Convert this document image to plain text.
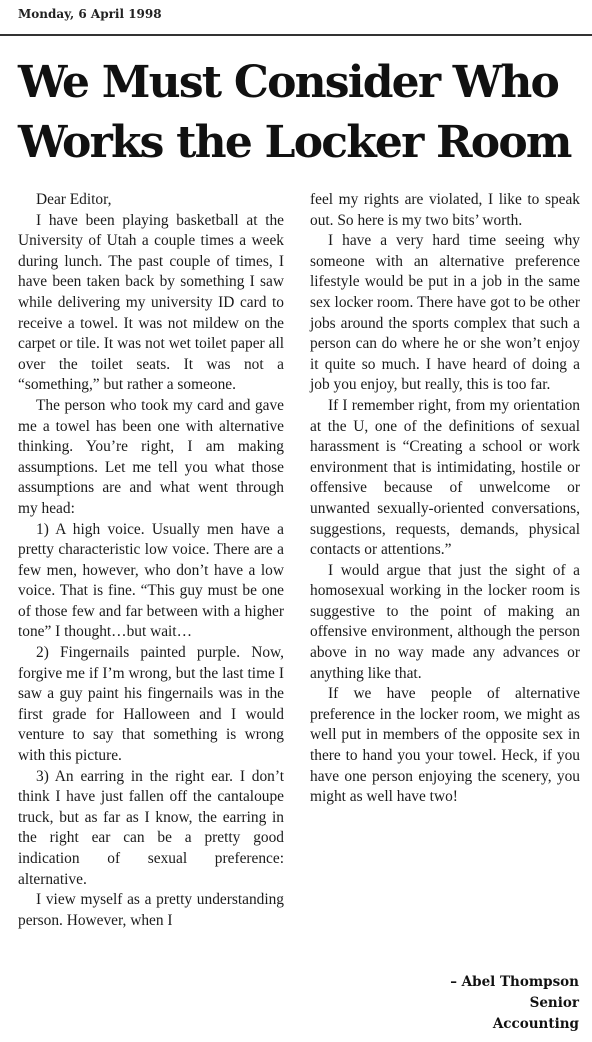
Monday, 6 April 1998
We Must Consider Who Works the Locker Room

Dear Editor,

I have been playing basketball at the University of Utah a couple times a week during lunch. The past couple of times, I have been taken back by something I saw while delivering my university ID card to receive a towel. It was not mildew on the carpet or tile. It was not wet toilet paper all over the toilet seats. It was not a “something,” but rather a someone.

The person who took my card and gave me a towel has been one with alternative thinking. You’re right, I am making assumptions. Let me tell you what those assumptions are and what went through my head:

1) A high voice. Usually men have a pretty characteristic low voice. There are a few men, however, who don’t have a low voice. That is fine. “This guy must be one of those few and far between with a higher tone” I thought…but wait…

2) Fingernails painted purple. Now, forgive me if I’m wrong, but the last time I saw a guy paint his fingernails was in the first grade for Halloween and I would venture to say that something is wrong with this picture.

3) An earring in the right ear. I don’t think I have just fallen off the cantaloupe truck, but as far as I know, the earring in the right ear can be a pretty good indication of sexual preference: alternative.

I view myself as a pretty understanding person. However, when I

feel my rights are violated, I like to speak out. So here is my two bits’ worth.

I have a very hard time seeing why someone with an alternative preference lifestyle would be put in a job in the same sex locker room. There have got to be other jobs around the sports complex that such a person can do where he or she won’t enjoy it quite so much. I have heard of doing a job you enjoy, but really, this is too far.

If I remember right, from my orientation at the U, one of the definitions of sexual harassment is “Creating a school or work environment that is intimidating, hostile or offensive because of unwelcome or unwanted sexually-oriented conversations, suggestions, requests, demands, physical contacts or attentions.”

I would argue that just the sight of a homosexual working in the locker room is suggestive to the point of making an offensive environment, although the person above in no way made any advances or anything like that.

If we have people of alternative preference in the locker room, we might as well put in members of the opposite sex in there to hand you your towel. Heck, if you have one person enjoying the scenery, you might as well have two!

– Abel Thompson
Senior
Accounting
